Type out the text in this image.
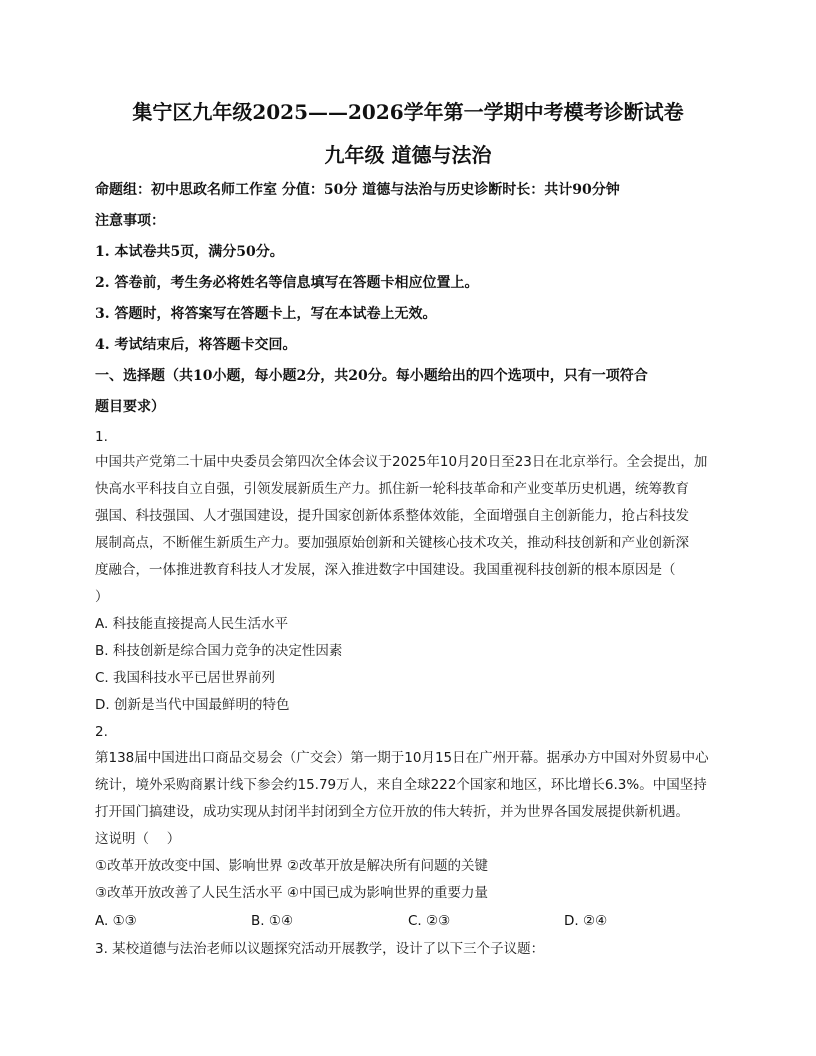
集宁区九年级2025——2026学年第一学期中考模考诊断试卷
九年级 道德与法治
命题组：初中思政名师工作室 分值：50分 道德与法治与历史诊断时长：共计90分钟
注意事项：
1. 本试卷共5页，满分50分。
2. 答卷前，考生务必将姓名等信息填写在答题卡相应位置上。
3. 答题时，将答案写在答题卡上，写在本试卷上无效。
4. 考试结束后，将答题卡交回。
一、选择题（共10小题，每小题2分，共20分。每小题给出的四个选项中，只有一项符合
题目要求）
1.
中国共产党第二十届中央委员会第四次全体会议于2025年10月20日至23日在北京举行。全会提出，加
快高水平科技自立自强，引领发展新质生产力。抓住新一轮科技革命和产业变革历史机遇，统筹教育
强国、科技强国、人才强国建设，提升国家创新体系整体效能，全面增强自主创新能力，抢占科技发
展制高点，不断催生新质生产力。要加强原始创新和关键核心技术攻关，推动科技创新和产业创新深
度融合，一体推进教育科技人才发展，深入推进数字中国建设。我国重视科技创新的根本原因是（
）
A. 科技能直接提高人民生活水平
B. 科技创新是综合国力竞争的决定性因素
C. 我国科技水平已居世界前列
D. 创新是当代中国最鲜明的特色
2.
第138届中国进出口商品交易会（广交会）第一期于10月15日在广州开幕。据承办方中国对外贸易中心
统计，境外采购商累计线下参会约15.79万人，来自全球222个国家和地区，环比增长6.3%。中国坚持
打开国门搞建设，成功实现从封闭半封闭到全方位开放的伟大转折，并为世界各国发展提供新机遇。
这说明（　 ）
①改革开放改变中国、影响世界 ②改革开放是解决所有问题的关键
③改革开放改善了人民生活水平 ④中国已成为影响世界的重要力量
A. ①③	B. ①④	C. ②③	D. ②④
3. 某校道德与法治老师以议题探究活动开展教学，设计了以下三个子议题：
